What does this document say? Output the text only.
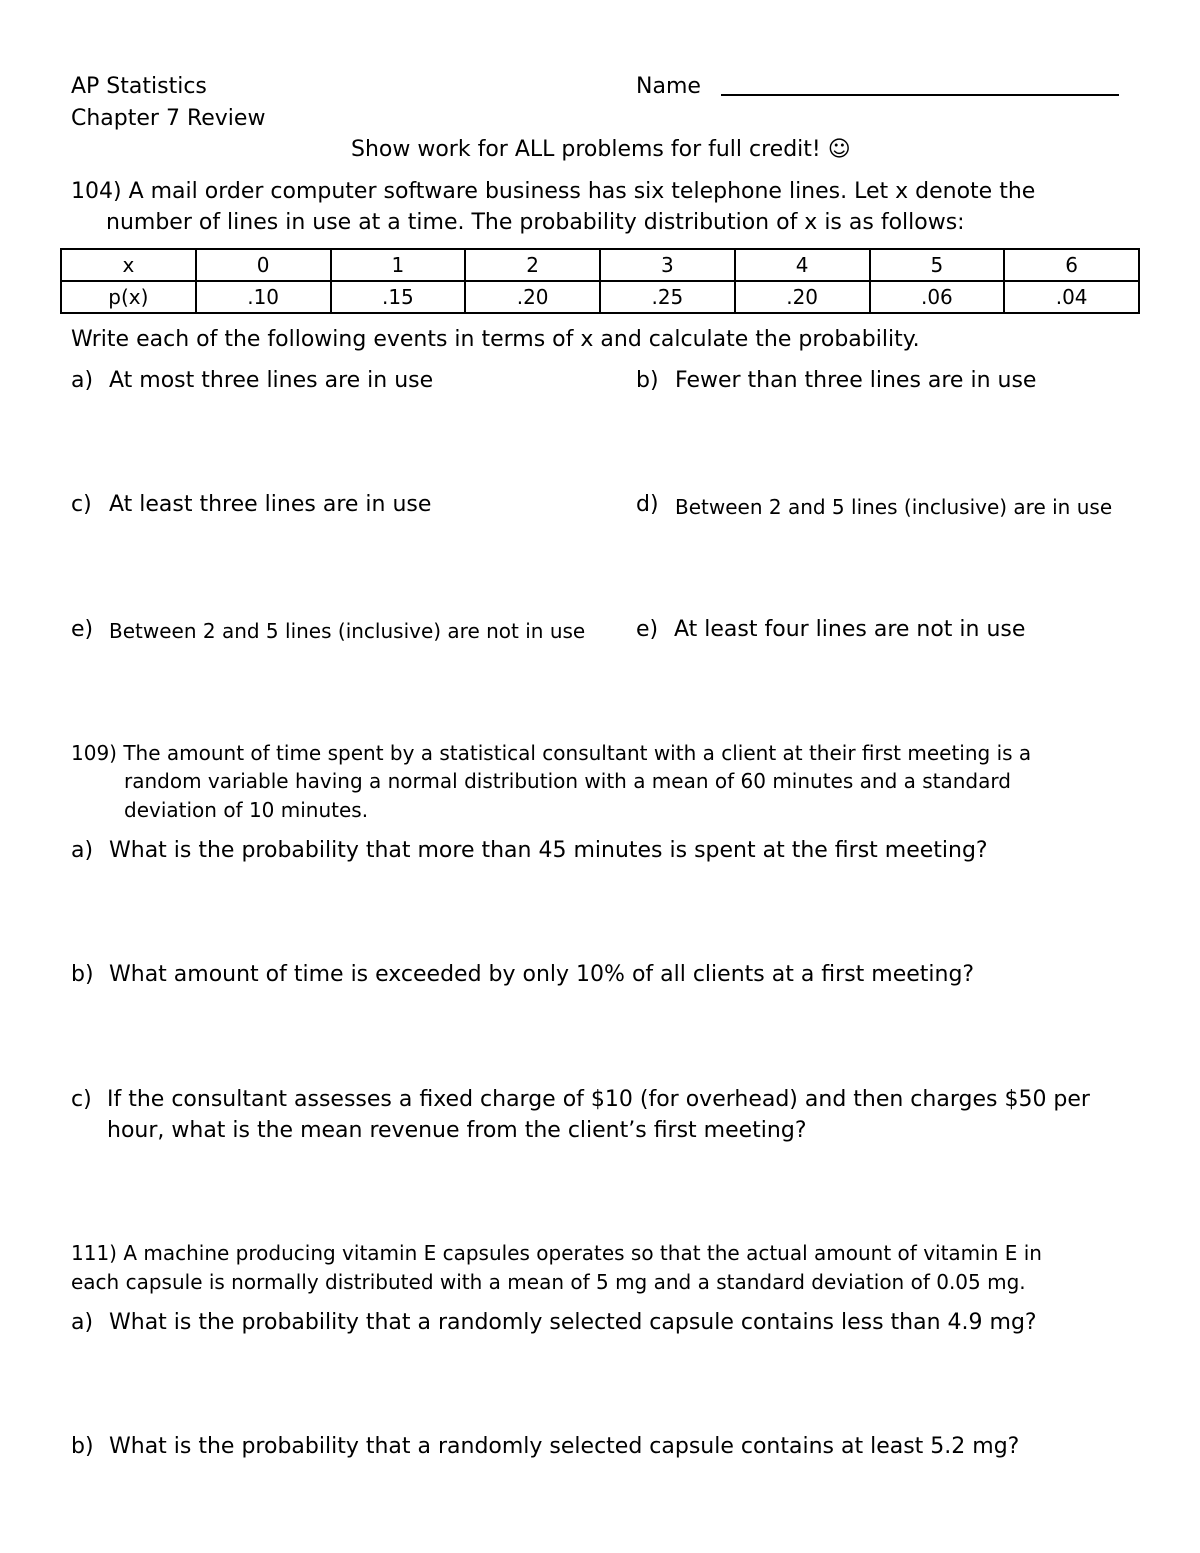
AP Statistics
Chapter 7 Review
Name
Show work for ALL problems for full credit! ☺
104) A mail order computer software business has six telephone lines. Let x denote the
number of lines in use at a time. The probability distribution of x is as follows:
x	0	1	2	3	4	5	6
p(x)	.10	.15	.20	.25	.20	.06	.04
Write each of the following events in terms of x and calculate the probability.
a) At most three lines are in use	b) Fewer than three lines are in use
c) At least three lines are in use	d) Between 2 and 5 lines (inclusive) are in use
e) Between 2 and 5 lines (inclusive) are not in use e) At least four lines are not in use
109) The amount of time spent by a statistical consultant with a client at their first meeting is a
random variable having a normal distribution with a mean of 60 minutes and a standard
deviation of 10 minutes.
a) What is the probability that more than 45 minutes is spent at the first meeting?
b) What amount of time is exceeded by only 10% of all clients at a first meeting?
c) If the consultant assesses a fixed charge of $10 (for overhead) and then charges $50 per
hour, what is the mean revenue from the client’s first meeting?
111) A machine producing vitamin E capsules operates so that the actual amount of vitamin E in
each capsule is normally distributed with a mean of 5 mg and a standard deviation of 0.05 mg.
a) What is the probability that a randomly selected capsule contains less than 4.9 mg?
b) What is the probability that a randomly selected capsule contains at least 5.2 mg?
